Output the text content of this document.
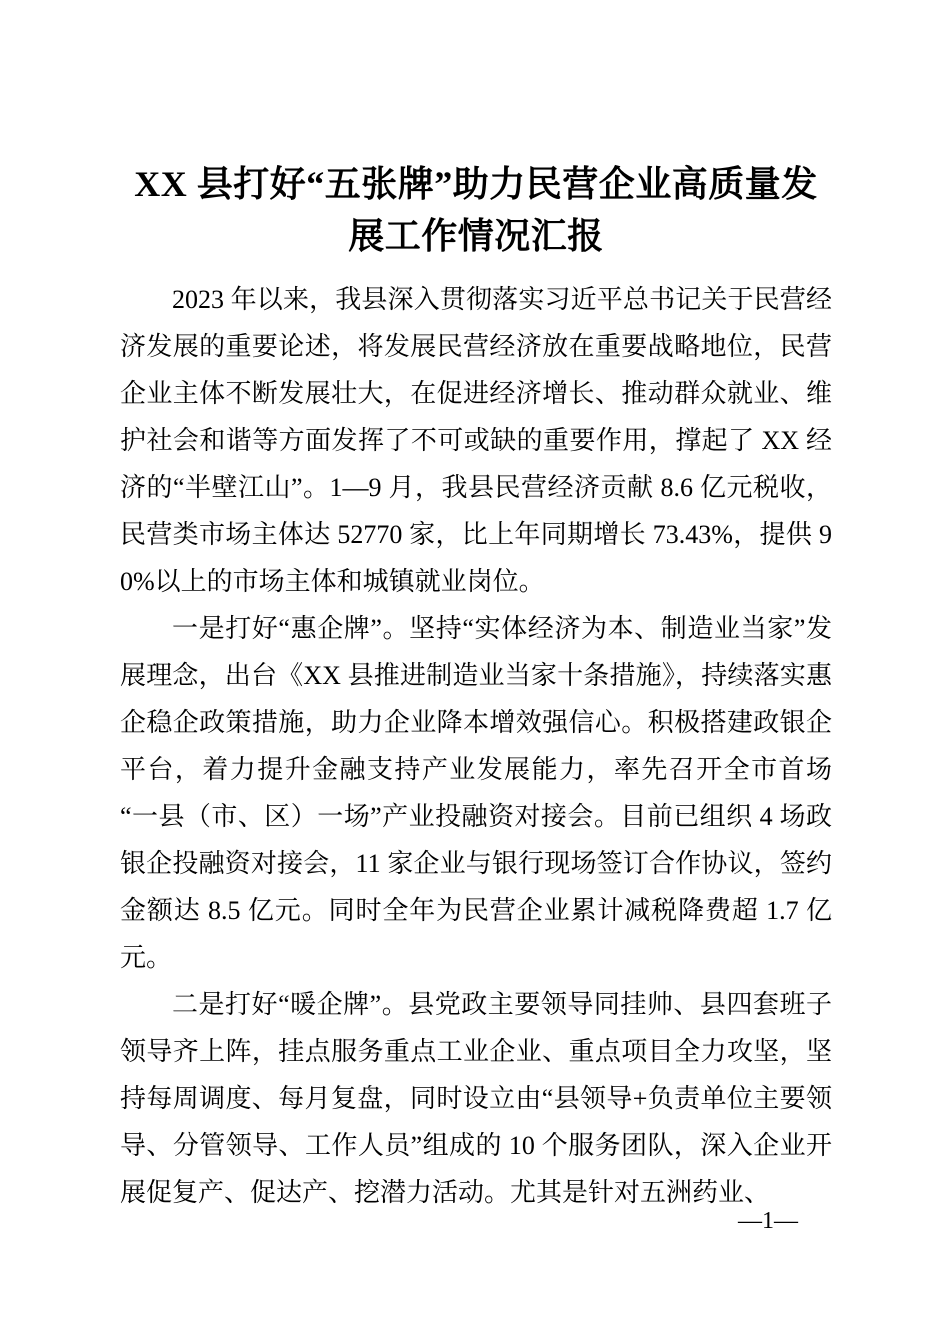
XX 县打好“五张牌”助力民营企业高质量发
展工作情况汇报

2023 年以来，我县深入贯彻落实习近平总书记关于民营经济发展的重要论述，将发展民营经济放在重要战略地位，民营企业主体不断发展壮大，在促进经济增长、推动群众就业、维护社会和谐等方面发挥了不可或缺的重要作用，撑起了 XX 经济的“半壁江山”。1—9 月，我县民营经济贡献 8.6 亿元税收，民营类市场主体达 52770 家，比上年同期增长 73.43%，提供 90%以上的市场主体和城镇就业岗位。

一是打好“惠企牌”。坚持“实体经济为本、制造业当家”发展理念，出台《XX 县推进制造业当家十条措施》，持续落实惠企稳企政策措施，助力企业降本增效强信心。积极搭建政银企平台，着力提升金融支持产业发展能力，率先召开全市首场“一县（市、区）一场”产业投融资对接会。目前已组织 4 场政银企投融资对接会，11 家企业与银行现场签订合作协议，签约金额达 8.5 亿元。同时全年为民营企业累计减税降费超 1.7 亿元。

二是打好“暖企牌”。县党政主要领导同挂帅、县四套班子领导齐上阵，挂点服务重点工业企业、重点项目全力攻坚，坚持每周调度、每月复盘，同时设立由“县领导+负责单位主要领导、分管领导、工作人员”组成的 10 个服务团队，深入企业开展促复产、促达产、挖潜力活动。尤其是针对五洲药业、

—1—
